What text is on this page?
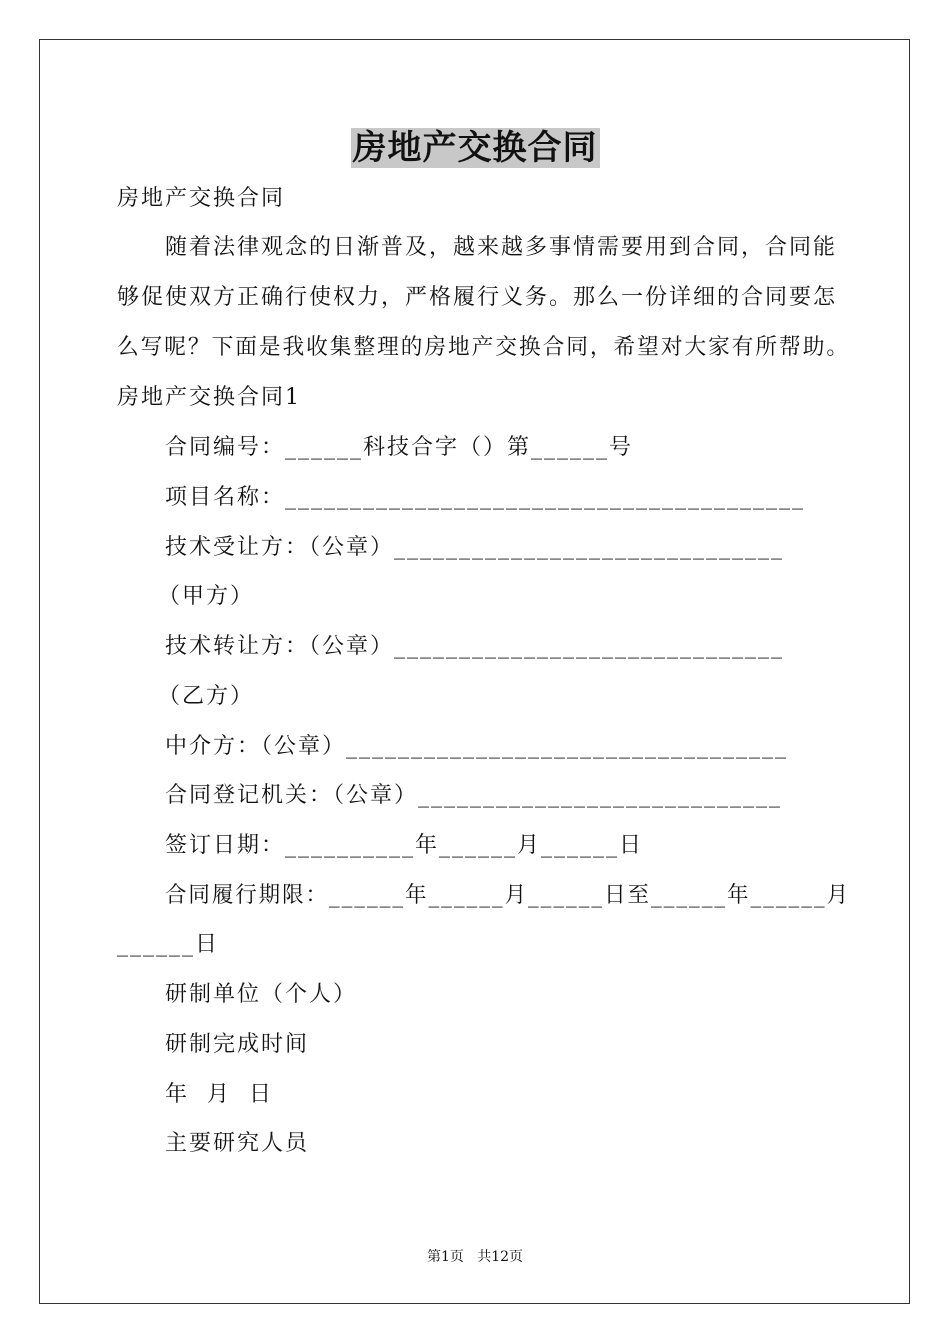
房地产交换合同
房地产交换合同
随着法律观念的日渐普及，越来越多事情需要用到合同，合同能
够促使双方正确行使权力，严格履行义务。那么一份详细的合同要怎
么写呢？下面是我收集整理的房地产交换合同，希望对大家有所帮助。
房地产交换合同1
合同编号：______科技合字（）第______号
项目名称：________________________________________
技术受让方：（公章）______________________________
（甲方）
技术转让方：（公章）______________________________
（乙方）
中介方：（公章）__________________________________
合同登记机关：（公章）____________________________
签订日期：__________年______月______日
合同履行期限：______年______月______日至______年______月
______日
研制单位（个人）
研制完成时间
年  月  日
主要研究人员
第1页   共12页
